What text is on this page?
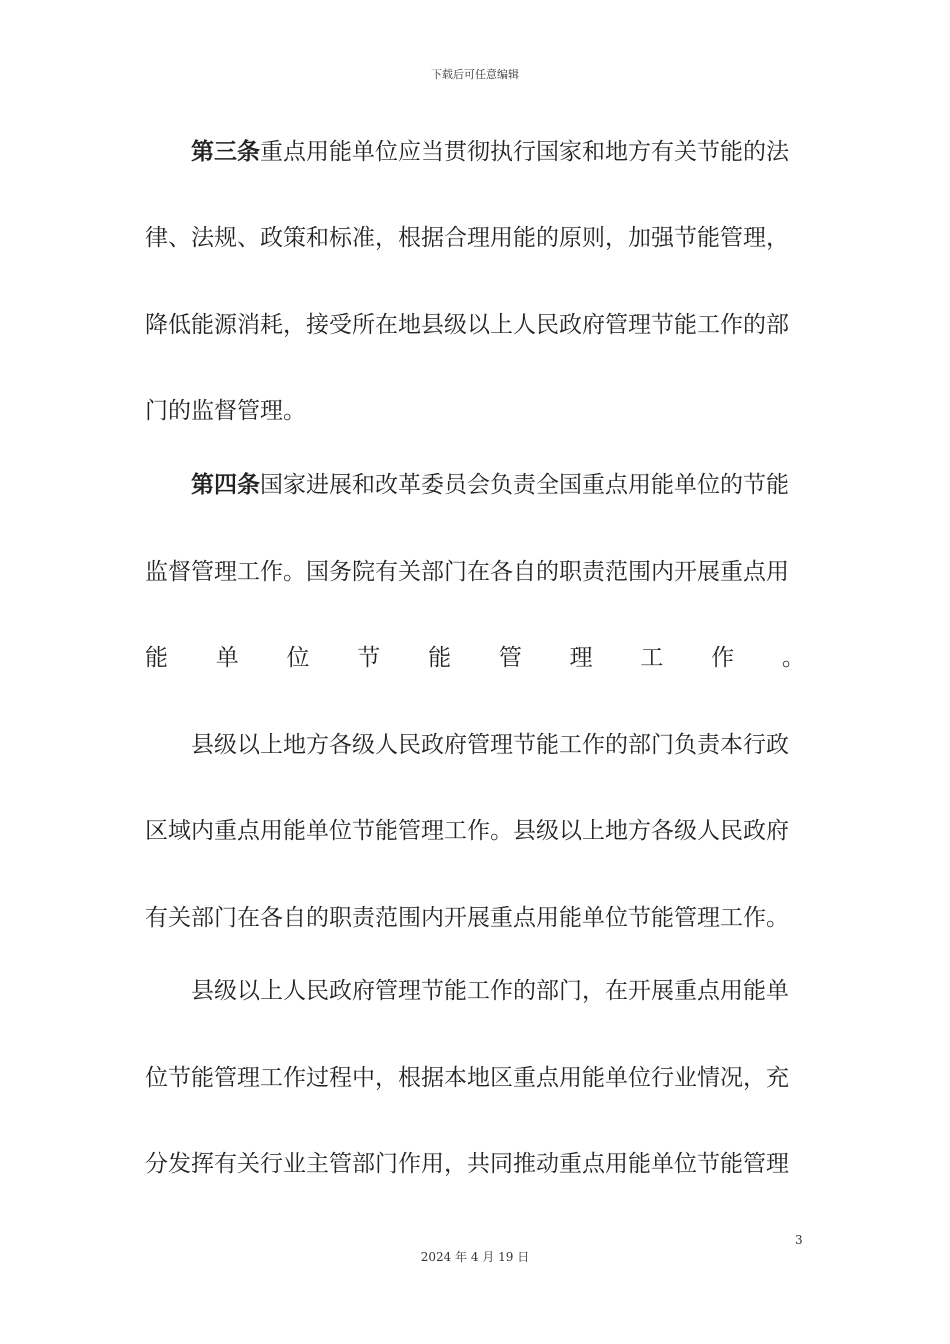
下载后可任意编辑
第三条重点用能单位应当贯彻执行国家和地方有关节能的法
律、法规、政策和标准，根据合理用能的原则，加强节能管理，
降低能源消耗，接受所在地县级以上人民政府管理节能工作的部
门的监督管理。
第四条国家进展和改革委员会负责全国重点用能单位的节能
监督管理工作。国务院有关部门在各自的职责范围内开展重点用
能 单 位 节 能 管 理 工 作 。
县级以上地方各级人民政府管理节能工作的部门负责本行政
区域内重点用能单位节能管理工作。县级以上地方各级人民政府
有关部门在各自的职责范围内开展重点用能单位节能管理工作。
县级以上人民政府管理节能工作的部门，在开展重点用能单
位节能管理工作过程中，根据本地区重点用能单位行业情况，充
分发挥有关行业主管部门作用，共同推动重点用能单位节能管理
3
2024 年 4 月 19 日
